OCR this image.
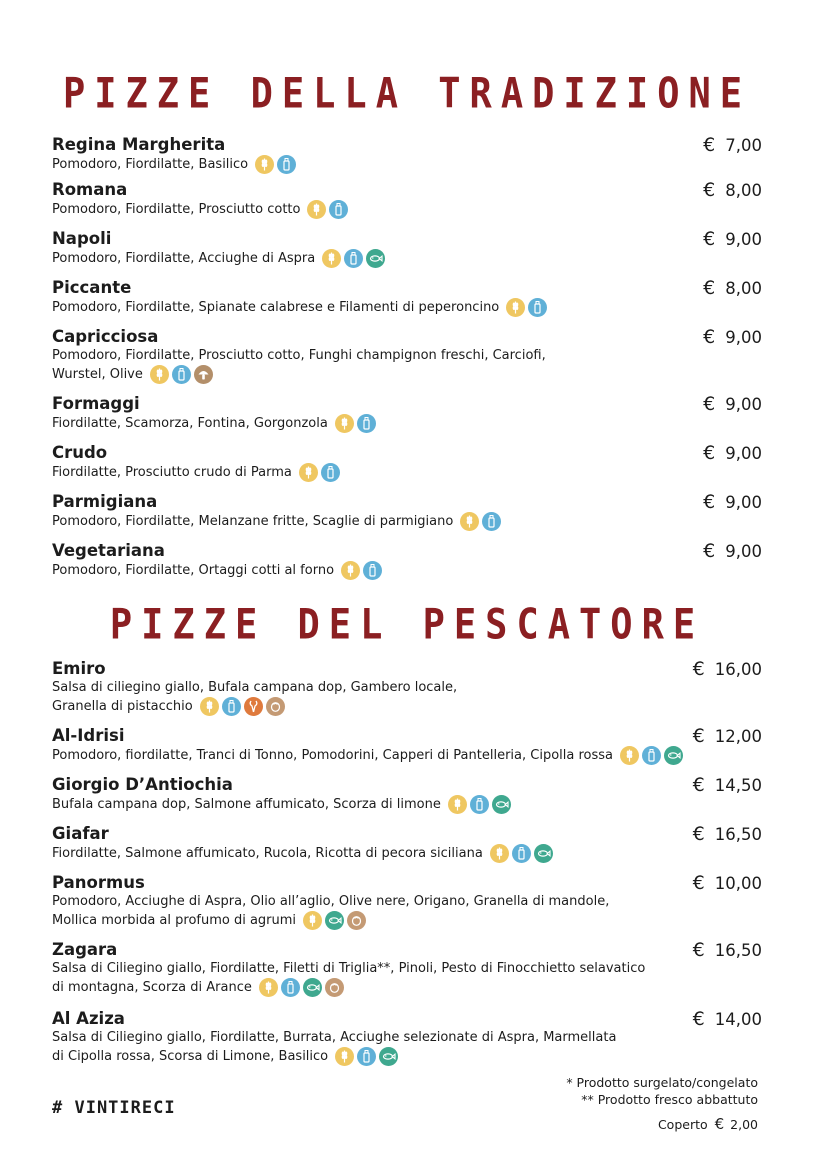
PIZZE DELLA TRADIZIONE
PIZZE DEL PESCATORE
Regina Margherita
Pomodoro, Fiordilatte, Basilico
€ 7,00
Romana
Pomodoro, Fiordilatte, Prosciutto cotto
€ 8,00
Napoli
Pomodoro, Fiordilatte, Acciughe di Aspra
€ 9,00
Piccante
Pomodoro, Fiordilatte, Spianate calabrese e Filamenti di peperoncino
€ 8,00
Capricciosa
Pomodoro, Fiordilatte, Prosciutto cotto, Funghi champignon freschi, Carciofi,
Wurstel, Olive
€ 9,00
Formaggi
Fiordilatte, Scamorza, Fontina, Gorgonzola
€ 9,00
Crudo
Fiordilatte, Prosciutto crudo di Parma
€ 9,00
Parmigiana
Pomodoro, Fiordilatte, Melanzane fritte, Scaglie di parmigiano
€ 9,00
Vegetariana
Pomodoro, Fiordilatte, Ortaggi cotti al forno
€ 9,00
Emiro
Salsa di ciliegino giallo, Bufala campana dop, Gambero locale,
Granella di pistacchio
€ 16,00
Al-Idrisi
Pomodoro, fiordilatte, Tranci di Tonno, Pomodorini, Capperi di Pantelleria, Cipolla rossa
€ 12,00
Giorgio D’Antiochia
Bufala campana dop, Salmone affumicato, Scorza di limone
€ 14,50
Giafar
Fiordilatte, Salmone affumicato, Rucola, Ricotta di pecora siciliana
€ 16,50
Panormus
Pomodoro, Acciughe di Aspra, Olio all’aglio, Olive nere, Origano, Granella di mandole,
Mollica morbida al profumo di agrumi
€ 10,00
Zagara
Salsa di Ciliegino giallo, Fiordilatte, Filetti di Triglia**, Pinoli, Pesto di Finocchietto selavatico
di montagna, Scorza di Arance
€ 16,50
Al Aziza
Salsa di Ciliegino giallo, Fiordilatte, Burrata, Acciughe selezionate di Aspra, Marmellata
di Cipolla rossa, Scorsa di Limone, Basilico
€ 14,00
# VINTIRECI
* Prodotto surgelato/congelato
** Prodotto fresco abbattuto
Coperto € 2,00
